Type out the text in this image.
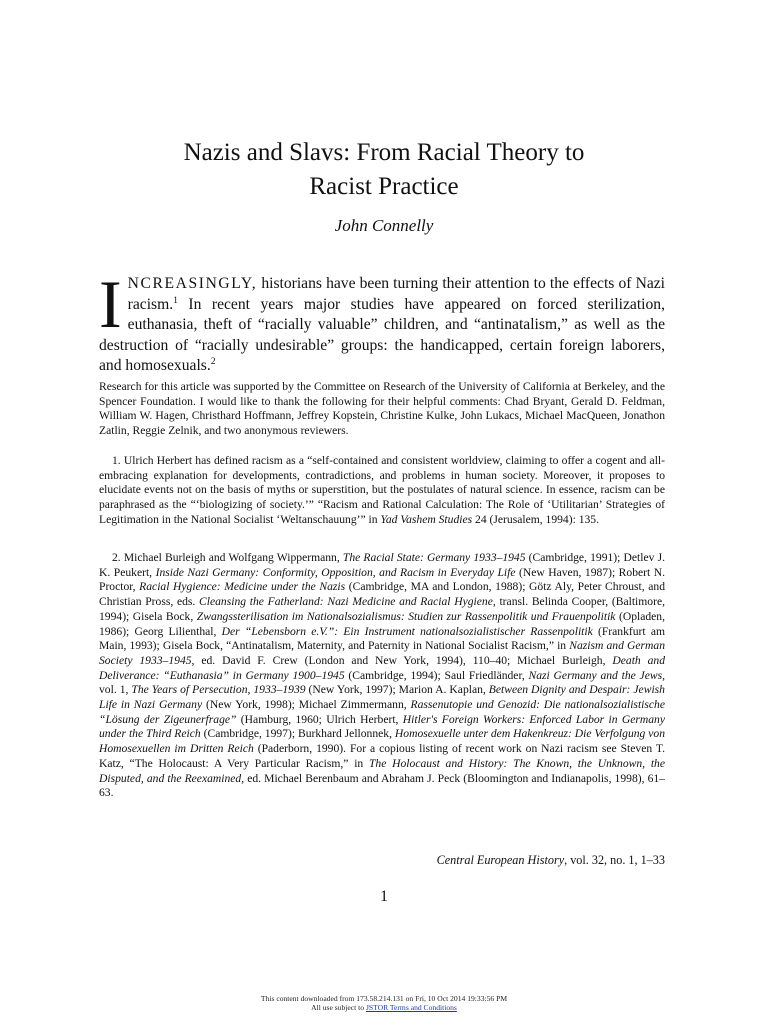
Nazis and Slavs: From Racial Theory to
Racist Practice
John Connelly
INCREASINGLY, historians have been turning their attention to the effects of Nazi racism.$^1$ In recent years major studies have appeared on forced sterilization, euthanasia, theft of “racially valuable” children, and “antinatalism,” as well as the destruction of “racially undesirable” groups: the handicapped, certain foreign laborers, and homosexuals.$^2$

Research for this article was supported by the Committee on Research of the University of California at Berkeley, and the Spencer Foundation. I would like to thank the following for their helpful comments: Chad Bryant, Gerald D. Feldman, William W. Hagen, Christhard Hoffmann, Jeffrey Kopstein, Christine Kulke, John Lukacs, Michael MacQueen, Jonathon Zatlin, Reggie Zelnik, and two anonymous reviewers.

1. Ulrich Herbert has defined racism as a “self-contained and consistent worldview, claiming to offer a cogent and all-embracing explanation for developments, contradictions, and problems in human society. Moreover, it proposes to elucidate events not on the basis of myths or superstition, but the postulates of natural science. In essence, racism can be paraphrased as the “‘biologizing of society.’” “Racism and Rational Calculation: The Role of ‘Utilitarian’ Strategies of Legitimation in the National Socialist ‘Weltanschauung’” in Yad Vashem Studies 24 (Jerusalem, 1994): 135.

2. Michael Burleigh and Wolfgang Wippermann, The Racial State: Germany 1933–1945 (Cambridge, 1991); Detlev J. K. Peukert, Inside Nazi Germany: Conformity, Opposition, and Racism in Everyday Life (New Haven, 1987); Robert N. Proctor, Racial Hygience: Medicine under the Nazis (Cambridge, MA and London, 1988); Götz Aly, Peter Chroust, and Christian Pross, eds. Cleansing the Fatherland: Nazi Medicine and Racial Hygiene, transl. Belinda Cooper, (Baltimore, 1994); Gisela Bock, Zwangssterilisation im Nationalsozialismus: Studien zur Rassenpolitik und Frauenpolitik (Opladen, 1986); Georg Lilienthal, Der “Lebensborn e.V.”: Ein Instrument nationalsozialistischer Rassenpolitik (Frankfurt am Main, 1993); Gisela Bock, “Antinatalism, Maternity, and Paternity in National Socialist Racism,” in Nazism and German Society 1933–1945, ed. David F. Crew (London and New York, 1994), 110–40; Michael Burleigh, Death and Deliverance: “Euthanasia” in Germany 1900–1945 (Cambridge, 1994); Saul Friedländer, Nazi Germany and the Jews, vol. 1, The Years of Persecution, 1933–1939 (New York, 1997); Marion A. Kaplan, Between Dignity and Despair: Jewish Life in Nazi Germany (New York, 1998); Michael Zimmermann, Rassenutopie und Genozid: Die nationalsozialistische “Lösung der Zigeunerfrage” (Hamburg, 1960; Ulrich Herbert, Hitler's Foreign Workers: Enforced Labor in Germany under the Third Reich (Cambridge, 1997); Burkhard Jellonnek, Homosexuelle unter dem Hakenkreuz: Die Verfolgung von Homosexuellen im Dritten Reich (Paderborn, 1990). For a copious listing of recent work on Nazi racism see Steven T. Katz, “The Holocaust: A Very Particular Racism,” in The Holocaust and History: The Known, the Unknown, the Disputed, and the Reexamined, ed. Michael Berenbaum and Abraham J. Peck (Bloomington and Indianapolis, 1998), 61–63.

Central European History, vol. 32, no. 1, 1–33
1
This content downloaded from 173.58.214.131 on Fri, 10 Oct 2014 19:33:56 PM
All use subject to JSTOR Terms and Conditions
